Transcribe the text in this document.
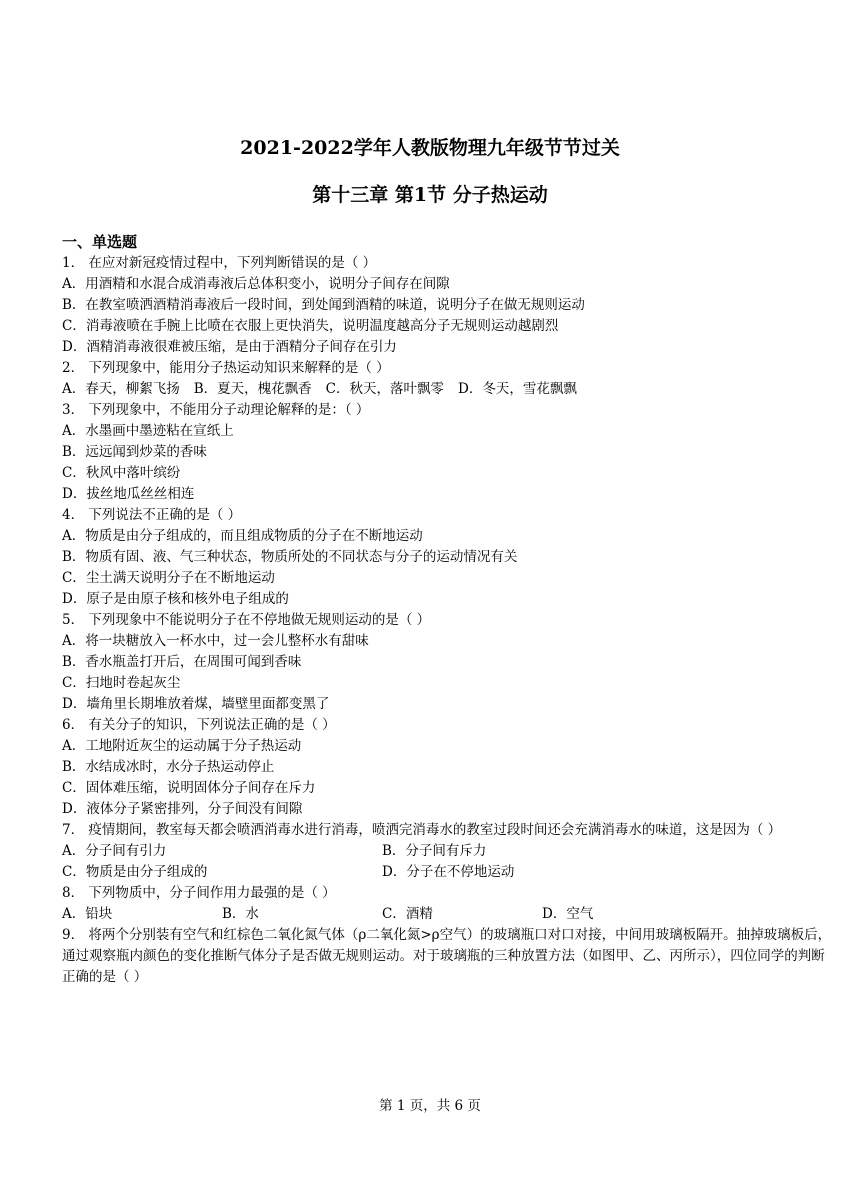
2021-2022学年人教版物理九年级节节过关
第十三章 第1节 分子热运动
一、单选题
1． 在应对新冠疫情过程中，下列判断错误的是（ ）
A．用酒精和水混合成消毒液后总体积变小，说明分子间存在间隙
B．在教室喷洒酒精消毒液后一段时间，到处闻到酒精的味道，说明分子在做无规则运动
C．消毒液喷在手腕上比喷在衣服上更快消失，说明温度越高分子无规则运动越剧烈
D．酒精消毒液很难被压缩，是由于酒精分子间存在引力
2． 下列现象中，能用分子热运动知识来解释的是（ ）
A．春天，柳絮飞扬 B．夏天，槐花飘香 C．秋天，落叶飘零 D．冬天，雪花飘飘
3． 下列现象中，不能用分子动理论解释的是：（ ）
A．水墨画中墨迹粘在宣纸上
B．远远闻到炒菜的香味
C．秋风中落叶缤纷
D．拔丝地瓜丝丝相连
4． 下列说法不正确的是（ ）
A．物质是由分子组成的，而且组成物质的分子在不断地运动
B．物质有固、液、气三种状态，物质所处的不同状态与分子的运动情况有关
C．尘土满天说明分子在不断地运动
D．原子是由原子核和核外电子组成的
5． 下列现象中不能说明分子在不停地做无规则运动的是（ ）
A．将一块糖放入一杯水中，过一会儿整杯水有甜味
B．香水瓶盖打开后，在周围可闻到香味
C．扫地时卷起灰尘
D．墙角里长期堆放着煤，墙壁里面都变黑了
6． 有关分子的知识，下列说法正确的是（ ）
A．工地附近灰尘的运动属于分子热运动
B．水结成冰时，水分子热运动停止
C．固体难压缩，说明固体分子间存在斥力
D．液体分子紧密排列，分子间没有间隙
7． 疫情期间，教室每天都会喷洒消毒水进行消毒，喷洒完消毒水的教室过段时间还会充满消毒水的味道，这是因为（ ）
A．分子间有引力	B．分子间有斥力
C．物质是由分子组成的	D．分子在不停地运动
8． 下列物质中，分子间作用力最强的是（ ）
A．铅块	B．水	C．酒精	D．空气
9． 将两个分别装有空气和红棕色二氧化氮气体（ρ二氧化氮>ρ空气）的玻璃瓶口对口对接，中间用玻璃板隔开。抽掉玻璃板后，通过观察瓶内颜色的变化推断气体分子是否做无规则运动。对于玻璃瓶的三种放置方法（如图甲、乙、丙所示），四位同学的判断正确的是（ ）
第 1 页，共 6 页
